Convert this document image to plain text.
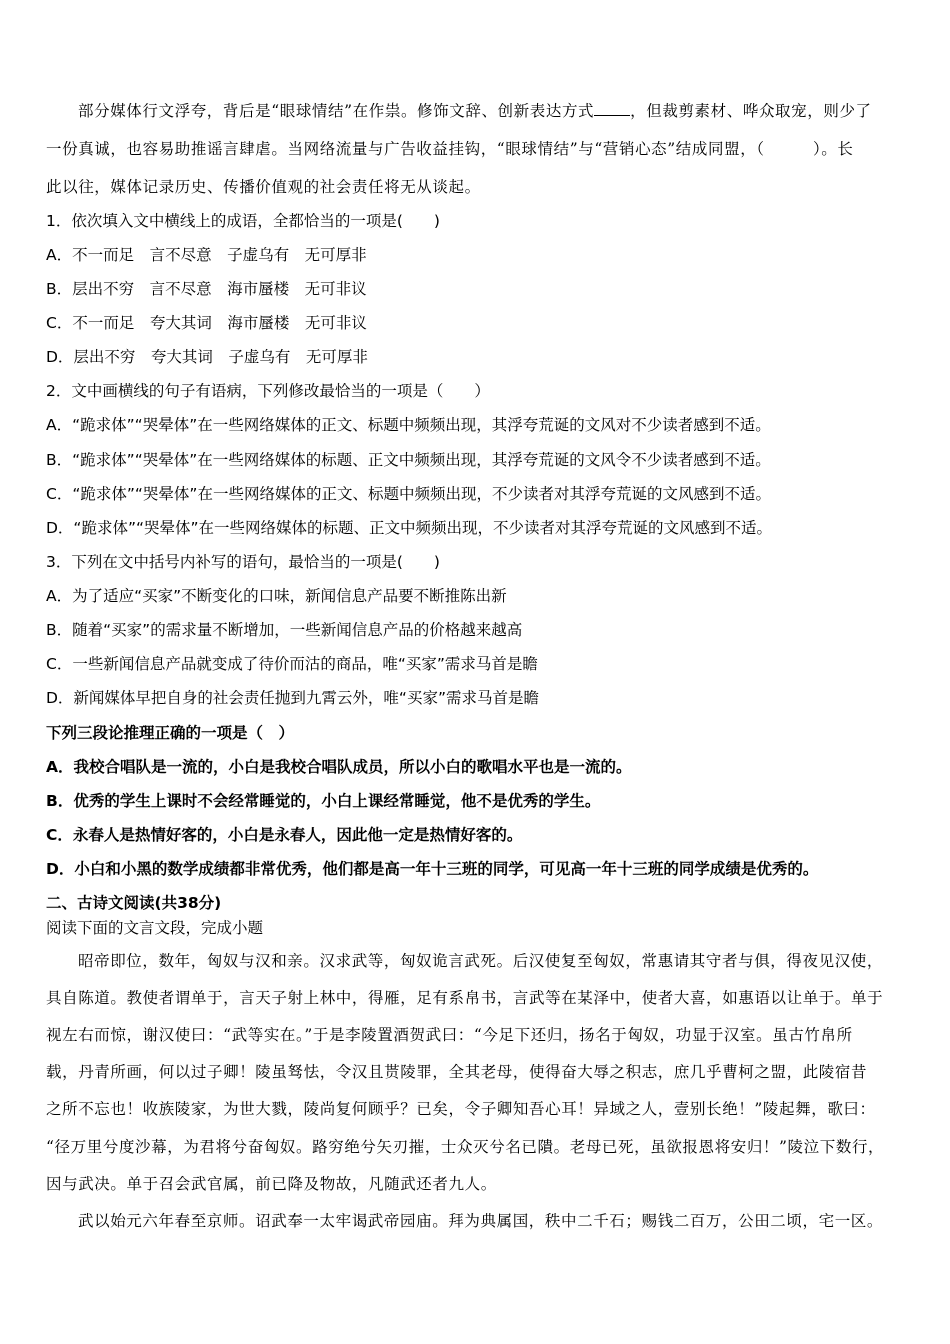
部分媒体行文浮夸，背后是“眼球情结”在作祟。修饰文辞、创新表达方式 ，但裁剪素材、哗众取宠，则少了
一份真诚，也容易助推谣言肆虐。当网络流量与广告收益挂钩，“眼球情结”与“营销心态”结成同盟，（　　　）。长
此以往，媒体记录历史、传播价值观的社会责任将无从谈起。
1．依次填入文中横线上的成语，全都恰当的一项是(　　)
A．不一而足　言不尽意　子虚乌有　无可厚非
B．层出不穷　言不尽意　海市蜃楼　无可非议
C．不一而足　夸大其词　海市蜃楼　无可非议
D．层出不穷　夸大其词　子虚乌有　无可厚非
2．文中画横线的句子有语病，下列修改最恰当的一项是（　　）
A．“跪求体”“哭晕体”在一些网络媒体的正文、标题中频频出现，其浮夸荒诞的文风对不少读者感到不适。
B．“跪求体”“哭晕体”在一些网络媒体的标题、正文中频频出现，其浮夸荒诞的文风令不少读者感到不适。
C．“跪求体”“哭晕体”在一些网络媒体的正文、标题中频频出现，不少读者对其浮夸荒诞的文风感到不适。
D．“跪求体”“哭晕体”在一些网络媒体的标题、正文中频频出现，不少读者对其浮夸荒诞的文风感到不适。
3．下列在文中括号内补写的语句，最恰当的一项是(　　)
A．为了适应“买家”不断变化的口味，新闻信息产品要不断推陈出新
B．随着“买家”的需求量不断增加，一些新闻信息产品的价格越来越高
C．一些新闻信息产品就变成了待价而沽的商品，唯“买家”需求马首是瞻
D．新闻媒体早把自身的社会责任抛到九霄云外，唯“买家”需求马首是瞻
下列三段论推理正确的一项是（　）
A．我校合唱队是一流的，小白是我校合唱队成员，所以小白的歌唱水平也是一流的。
B．优秀的学生上课时不会经常睡觉的，小白上课经常睡觉，他不是优秀的学生。
C．永春人是热情好客的，小白是永春人，因此他一定是热情好客的。
D．小白和小黑的数学成绩都非常优秀，他们都是高一年十三班的同学，可见高一年十三班的同学成绩是优秀的。
二、古诗文阅读(共38分)
阅读下面的文言文段，完成小题
昭帝即位，数年，匈奴与汉和亲。汉求武等，匈奴诡言武死。后汉使复至匈奴，常惠请其守者与俱，得夜见汉使，
具自陈道。教使者谓单于，言天子射上林中，得雁，足有系帛书，言武等在某泽中，使者大喜，如惠语以让单于。单于
视左右而惊，谢汉使曰：“武等实在。”于是李陵置酒贺武曰：“今足下还归，扬名于匈奴，功显于汉室。虽古竹帛所
载，丹青所画，何以过子卿！陵虽驽怯，令汉且贳陵罪，全其老母，使得奋大辱之积志，庶几乎曹柯之盟，此陵宿昔
之所不忘也！收族陵家，为世大戮，陵尚复何顾乎？已矣，令子卿知吾心耳！异域之人，壹别长绝！”陵起舞，歌曰：
“径万里兮度沙幕，为君将兮奋匈奴。路穷绝兮矢刃摧，士众灭兮名已隤。老母已死，虽欲报恩将安归！”陵泣下数行，
因与武决。单于召会武官属，前已降及物故，凡随武还者九人。
武以始元六年春至京师。诏武奉一太牢谒武帝园庙。拜为典属国，秩中二千石；赐钱二百万，公田二顷，宅一区。
